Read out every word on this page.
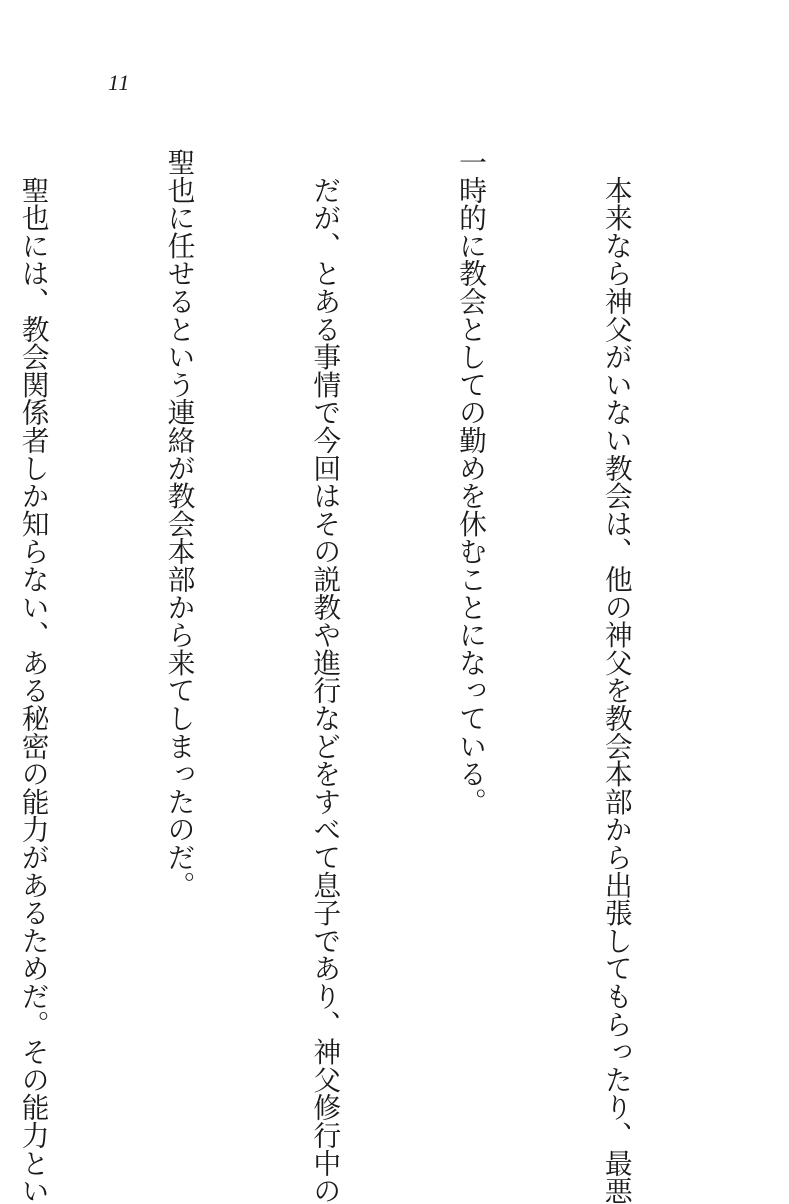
11

　本来なら神父がいない教会は、他の神父を教会本部から出張してもらったり、最悪

一時的に教会としての勤めを休むことになっている。

　だが、とある事情で今回はその説教や進行などをすべて息子であり、神父修行中の

聖也に任せるという連絡が教会本部から来てしまったのだ。

　聖也には、教会関係者しか知らない、ある秘密の能力があるためだ。その能力とい
